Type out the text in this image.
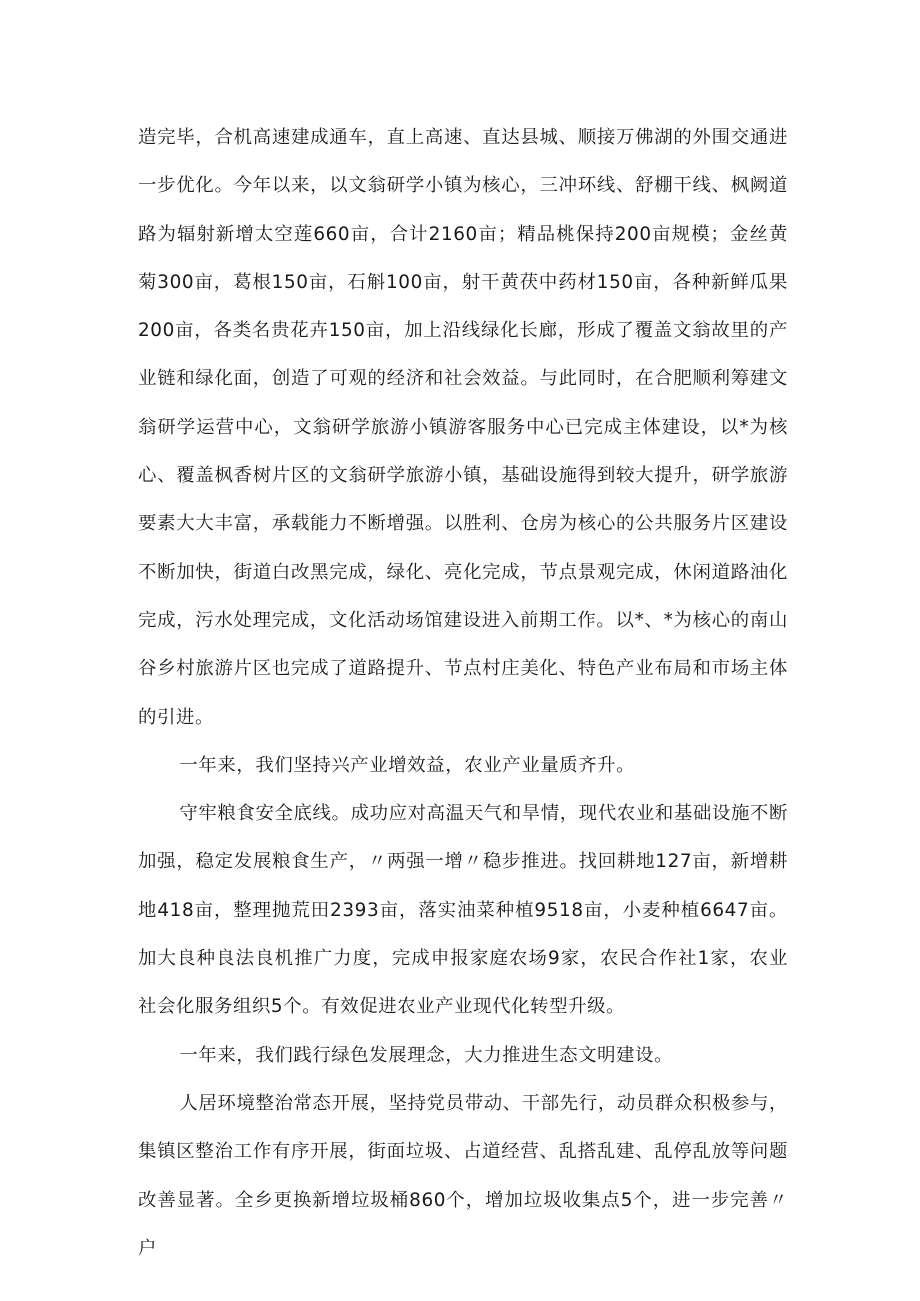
造完毕，合机高速建成通车，直上高速、直达县城、顺接万佛湖的外围交通进一步优化。今年以来，以文翁研学小镇为核心，三冲环线、舒棚干线、枫阙道路为辐射新增太空莲660亩，合计2160亩；精品桃保持200亩规模；金丝黄菊300亩，葛根150亩，石斛100亩，射干黄茯中药材150亩，各种新鲜瓜果200亩，各类名贵花卉150亩，加上沿线绿化长廊，形成了覆盖文翁故里的产业链和绿化面，创造了可观的经济和社会效益。与此同时，在合肥顺利筹建文翁研学运营中心，文翁研学旅游小镇游客服务中心已完成主体建设，以*为核心、覆盖枫香树片区的文翁研学旅游小镇，基础设施得到较大提升，研学旅游要素大大丰富，承载能力不断增强。以胜利、仓房为核心的公共服务片区建设不断加快，街道白改黑完成，绿化、亮化完成，节点景观完成，休闲道路油化完成，污水处理完成，文化活动场馆建设进入前期工作。以*、*为核心的南山谷乡村旅游片区也完成了道路提升、节点村庄美化、特色产业布局和市场主体的引进。

一年来，我们坚持兴产业增效益，农业产业量质齐升。

守牢粮食安全底线。成功应对高温天气和旱情，现代农业和基础设施不断加强，稳定发展粮食生产，〃两强一增〃稳步推进。找回耕地127亩，新增耕地418亩，整理抛荒田2393亩，落实油菜种植9518亩，小麦种植6647亩。加大良种良法良机推广力度，完成申报家庭农场9家，农民合作社1家，农业社会化服务组织5个。有效促进农业产业现代化转型升级。

一年来，我们践行绿色发展理念，大力推进生态文明建设。

人居环境整治常态开展，坚持党员带动、干部先行，动员群众积极参与，集镇区整治工作有序开展，街面垃圾、占道经营、乱搭乱建、乱停乱放等问题改善显著。全乡更换新增垃圾桶860个，增加垃圾收集点5个，进一步完善〃户
